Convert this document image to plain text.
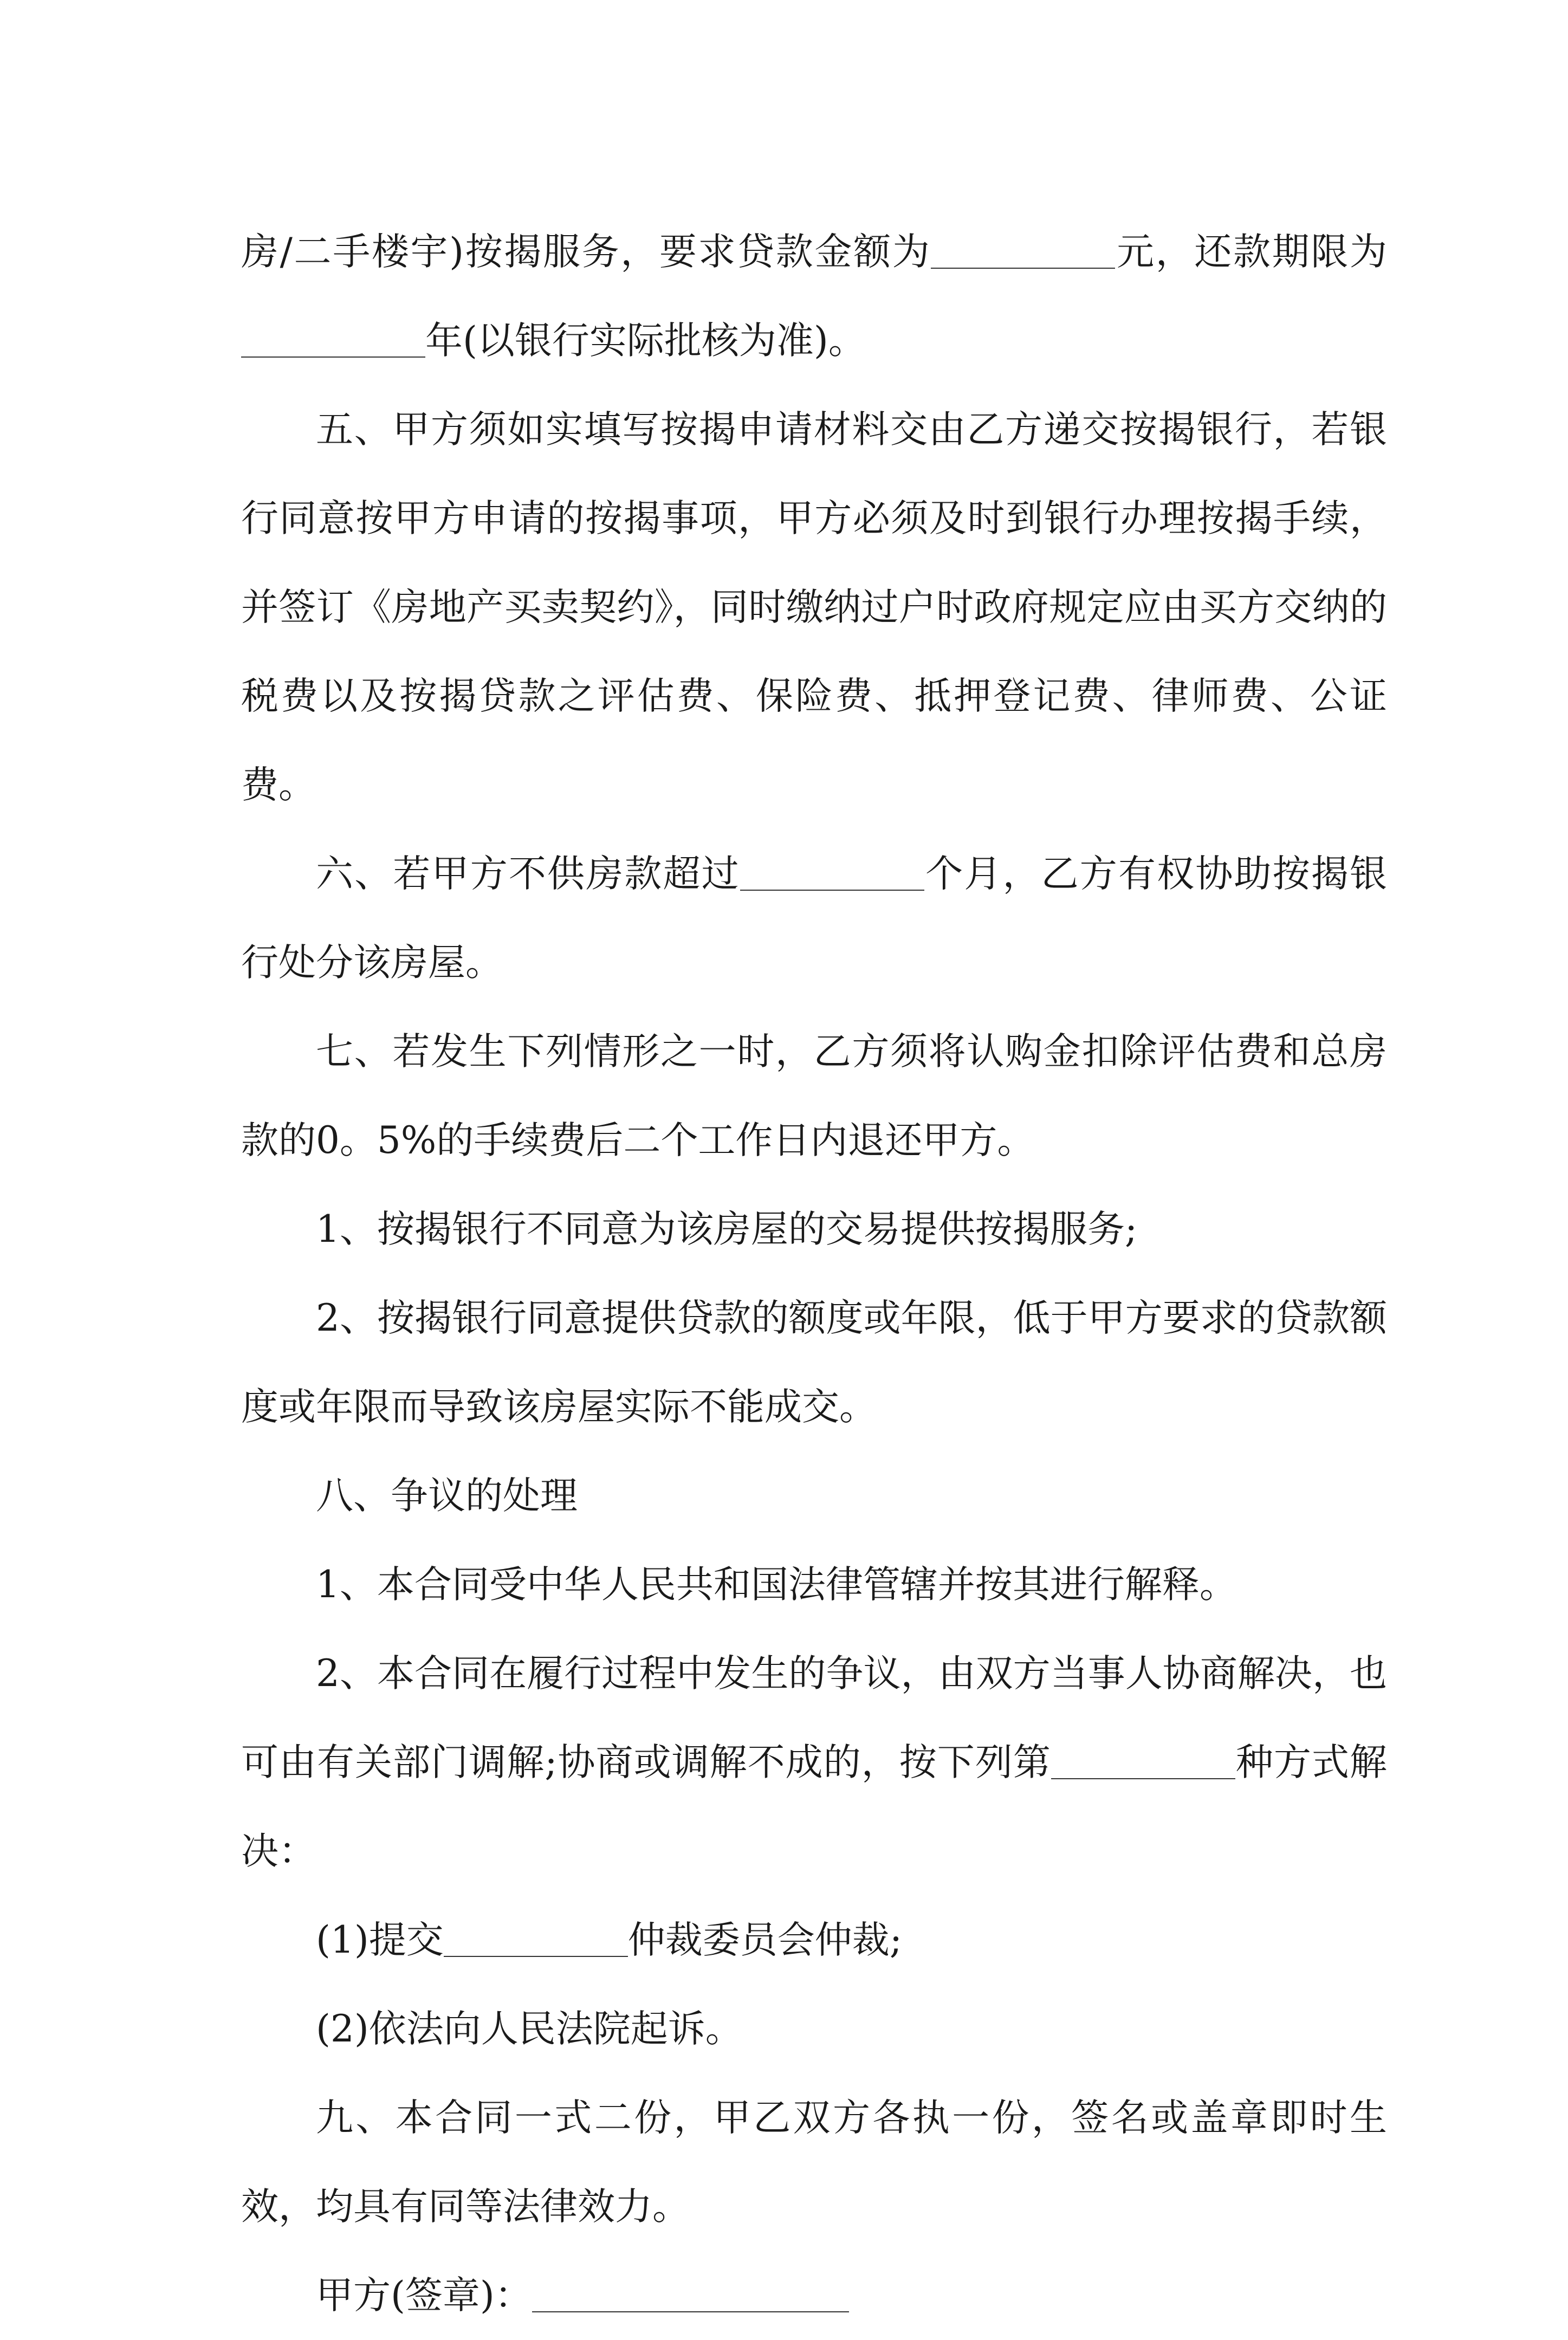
房/二手楼宇)按揭服务，要求贷款金额为	元，还款期限为年(以银行实际批核为准)。

五、甲方须如实填写按揭申请材料交由乙方递交按揭银行，若银行同意按甲方申请的按揭事项，甲方必须及时到银行办理按揭手续，并签订《房地产买卖契约》，同时缴纳过户时政府规定应由买方交纳的税费以及按揭贷款之评估费、保险费、抵押登记费、律师费、公证费。

六、若甲方不供房款超过	个月，乙方有权协助按揭银行处分该房屋。

七、若发生下列情形之一时，乙方须将认购金扣除评估费和总房款的0。5%的手续费后二个工作日内退还甲方。

1、按揭银行不同意为该房屋的交易提供按揭服务;

2、按揭银行同意提供贷款的额度或年限，低于甲方要求的贷款额度或年限而导致该房屋实际不能成交。

八、争议的处理

1、本合同受中华人民共和国法律管辖并按其进行解释。

2、本合同在履行过程中发生的争议，由双方当事人协商解决，也可由有关部门调解;协商或调解不成的，按下列第	种方式解决：

(1)提交	仲裁委员会仲裁;

(2)依法向人民法院起诉。

九、本合同一式二份，甲乙双方各执一份，签名或盖章即时生效，均具有同等法律效力。

甲方(签章)：
